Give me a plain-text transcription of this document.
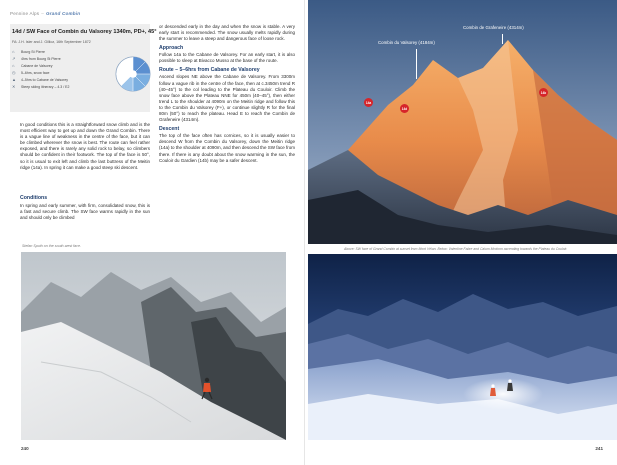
Pennine Alps – Grand Combin
14d / SW Face of Combin du Valsorey 1340m, PD+, 45°
FA: J.H. Isler and J. Gillioz, 16th September 1872
⌂	Bourg St Pierre
↗	4hrs from Bourg St Pierre
⌂	Cabane de Valsorey
◷	5–6hrs, snow face
▲	4–5hrs to Cabane de Valsorey
✕	Steep skiing itinerary – 4.3 / E2

In good conditions this is a straightforward snow climb and is the most efficient way to get up and down the Grand Combin. There is a vague line of weakness in the centre of the face, but it can be climbed wherever the snow is best. The route can feel rather exposed, and there is rarely any solid rock to belay, so climbers should be confident in their footwork. The top of the face is 50°, so it is usual to exit left and climb the last buttress of the Meitin ridge (14a). In spring it can make a good steep ski descent.

Conditions

In spring and early summer, with firm, consolidated snow, this is a fast and secure climb. The SW face warms rapidly in the sun and should only be climbed

Stefan Sputh on the south-west face.
240

or descended early in the day and when the snow is stable. A very early start is recommended. The snow usually melts rapidly during the summer to leave a steep and dangerous face of loose rock.

Approach

Follow 14a to the Cabane de Valsorey. For an early start, it is also possible to sleep at Bivacco Musso at the base of the route.

Route – 5–6hrs from Cabane de Valsorey

Ascend slopes NE above the Cabane de Valsorey. From 3300m follow a vague rib in the centre of the face, then at c.3450m trend R (40–45°) to the col leading to the Plateau du Couloir. Climb the snow face above the Plateau NNE for 450m (40–45°), then either trend L to the shoulder at 4090m on the Meitin ridge and follow this to the Combin du Valsorey (F+), or continue slightly R for the final 80m (50°) to reach the plateau. Head E to reach the Combin de Grafeneire (4314m).

Descent

The top of the face often has cornices, so it is usually easier to descend W from the Combin du Valsorey, down the Meitin ridge (14a) to the shoulder at 4090m, and then descend the SW face from there. If there is any doubt about the snow warming in the sun, the Couloir du Gardien (14b) may be a safer descent.

Combin du Valsorey (4184m)
Combin de Grafeneire (4314m)
14a
14d
14b
Above: SW face of Grand Combin at sunset from Mont Vélan. Below: Valentine Fabre and Calum Mcdonn ascending towards the Plateau du Couloir.
241
